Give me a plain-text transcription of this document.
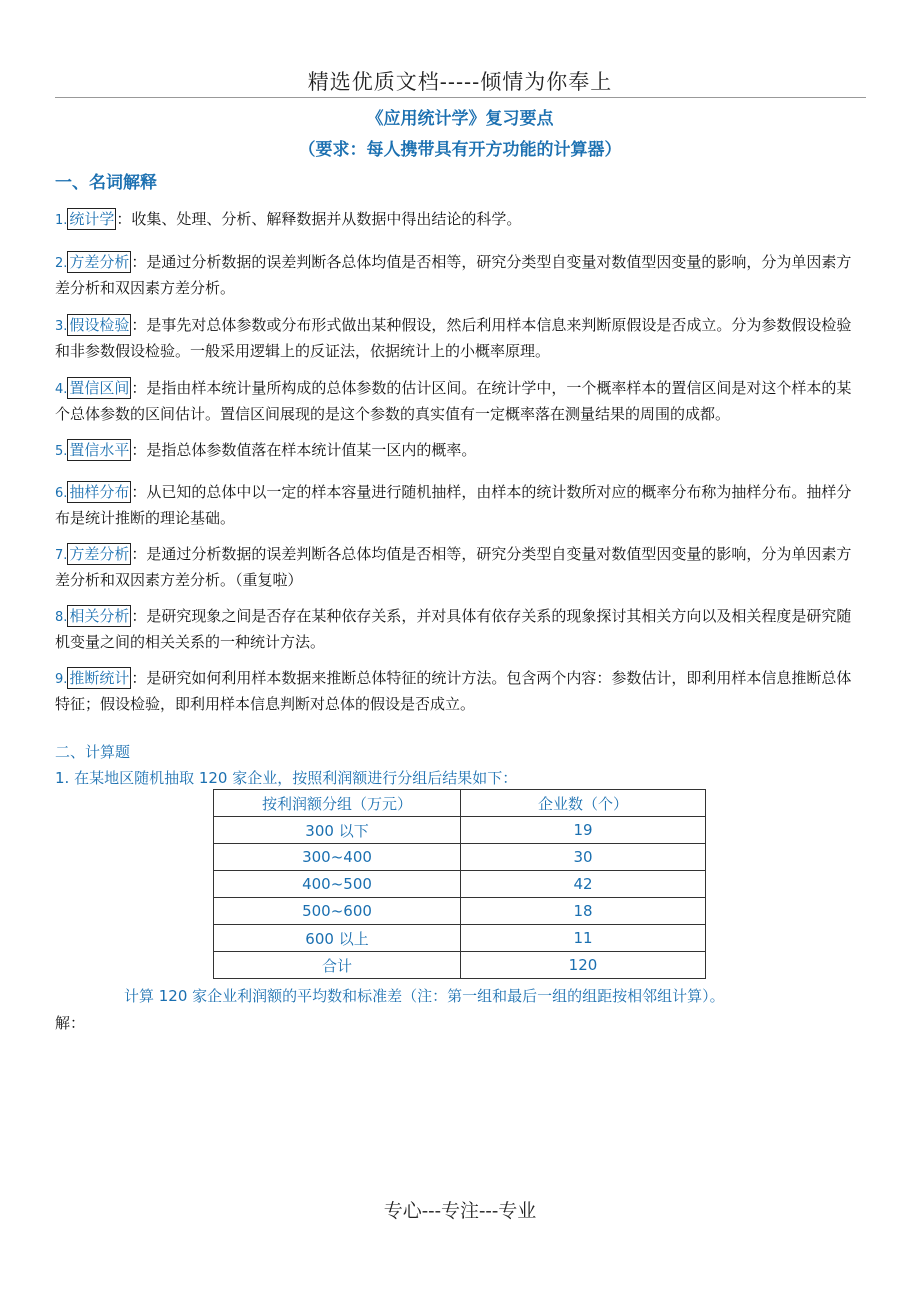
精选优质文档-----倾情为你奉上
《应用统计学》复习要点
（要求：每人携带具有开方功能的计算器）
一、名词解释
1. 统计学 ：收集、处理、分析、解释数据并从数据中得出结论的科学。
2. 方差分析 ：是通过分析数据的误差判断各总体均值是否相等，研究分类型自变量对数值型因变量的影响，分为单因素方差分析和双因素方差分析。
3. 假设检验 ：是事先对总体参数或分布形式做出某种假设，然后利用样本信息来判断原假设是否成立。分为参数假设检验和非参数假设检验。一般采用逻辑上的反证法，依据统计上的小概率原理。
4. 置信区间 ：是指由样本统计量所构成的总体参数的估计区间。在统计学中，一个概率样本的置信区间是对这个样本的某个总体参数的区间估计。置信区间展现的是这个参数的真实值有一定概率落在测量结果的周围的成都。
5. 置信水平 ：是指总体参数值落在样本统计值某一区内的概率。
6. 抽样分布 ：从已知的总体中以一定的样本容量进行随机抽样，由样本的统计数所对应的概率分布称为抽样分布。抽样分布是统计推断的理论基础。
7. 方差分析 ：是通过分析数据的误差判断各总体均值是否相等，研究分类型自变量对数值型因变量的影响，分为单因素方差分析和双因素方差分析。（重复啦）
8. 相关分析 ：是研究现象之间是否存在某种依存关系，并对具体有依存关系的现象探讨其相关方向以及相关程度是研究随机变量之间的相关关系的一种统计方法。
9. 推断统计 ：是研究如何利用样本数据来推断总体特征的统计方法。包含两个内容：参数估计，即利用样本信息推断总体特征；假设检验，即利用样本信息判断对总体的假设是否成立。
二、计算题
1. 在某地区随机抽取 120 家企业，按照利润额进行分组后结果如下：
按利润额分组（万元）	企业数（个）
300 以下	19
300~400	30
400~500	42
500~600	18
600 以上	11
合计	120
计算 120 家企业利润额的平均数和标准差（注：第一组和最后一组的组距按相邻组计算）。
解：
专心---专注---专业
